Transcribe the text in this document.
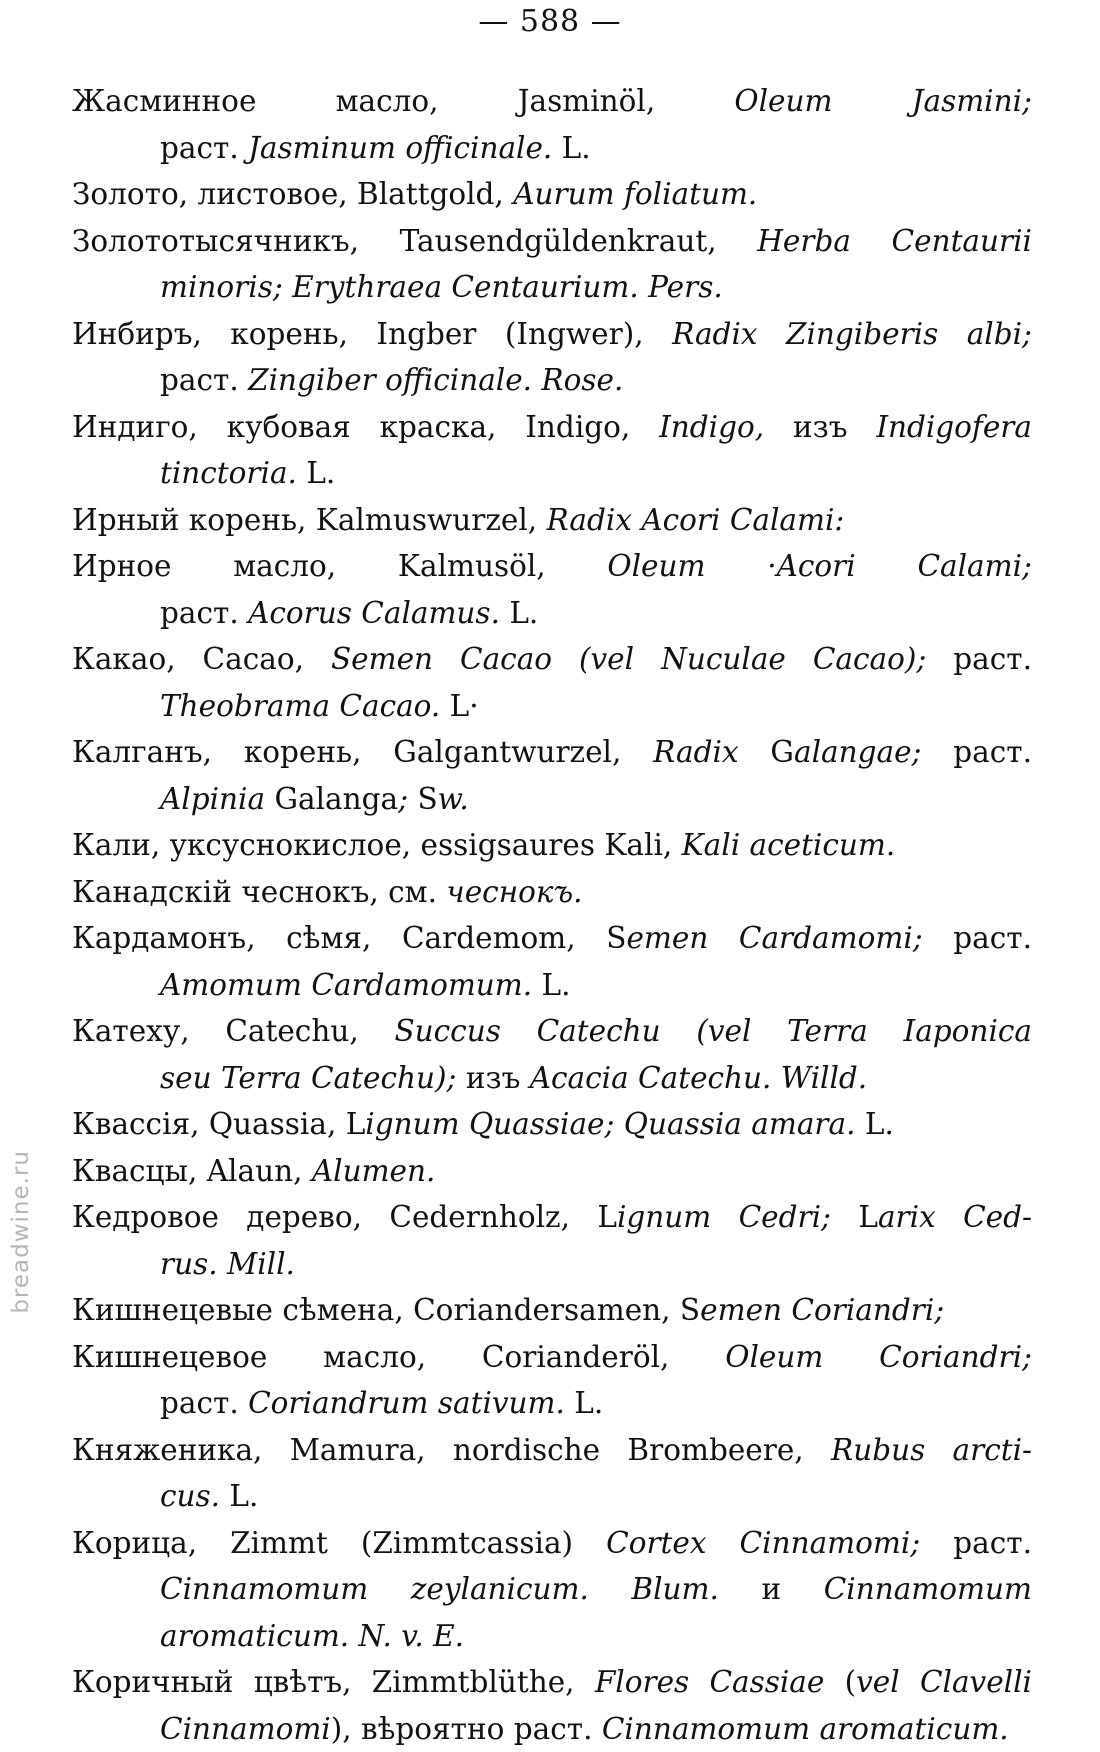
— 588 —
Жасминное масло, Jasminöl, Oleum Jasmini;
раст. Jasminum officinale. L.
Золото, листовое, Blattgold, Aurum foliatum.
Золототысячникъ, Tausendgüldenkraut, Herba Centaurii
minoris; Erythraea Centaurium. Pers.
Инбиръ, корень, Ingber (Ingwer), Radix Zingiberis albi;
раст. Zingiber officinale. Rose.
Индиго, кубовая краска, Indigo, Indigo, изъ Indigofera
tinctoria. L.
Ирный корень, Kalmuswurzel, Radix Acori Calami:
Ирное масло, Kalmusöl, Oleum ·Acori Calami;
раст. Acorus Calamus. L.
Какао, Cacao, Semen Cacao (vel Nuculae Cacao); раст.
Theobrama Cacao. L·
Калганъ, корень, Galgantwurzel, Radix Galangae; раст.
Alpinia Galanga; Sw.
Кали, уксуснокислое, essigsaures Kali, Kali aceticum.
Канадскій чеснокъ, см. чеснокъ.
Кардамонъ, сѣмя, Cardemom, Semen Cardamomi; раст.
Amomum Cardamomum. L.
Катеху, Catechu, Succus Catechu (vel Terra Iaponica
seu Terra Catechu); изъ Acacia Catechu. Willd.
Квассія, Quassia, Lignum Quassiae; Quassia amara. L.
Квасцы, Alaun, Alumen.
Кедровое дерево, Cedernholz, Lignum Cedri; Larix Ced-
rus. Mill.
Кишнецевые сѣмена, Coriandersamen, Semen Coriandri;
Кишнецевое масло, Corianderöl, Oleum Coriandri;
раст. Coriandrum sativum. L.
Княженика, Mamura, nordische Brombeere, Rubus arcti-
cus. L.
Корица, Zimmt (Zimmtcassia) Cortex Cinnamomi; раст.
Cinnamomum zeylanicum. Blum. и Cinnamomum
aromaticum. N. v. E.
Коричный цвѣтъ, Zimmtblüthe, Flores Cassiae (vel Clavelli
Cinnamomi), вѣроятно раст. Cinnamomum aromaticum.
breadwine.ru
